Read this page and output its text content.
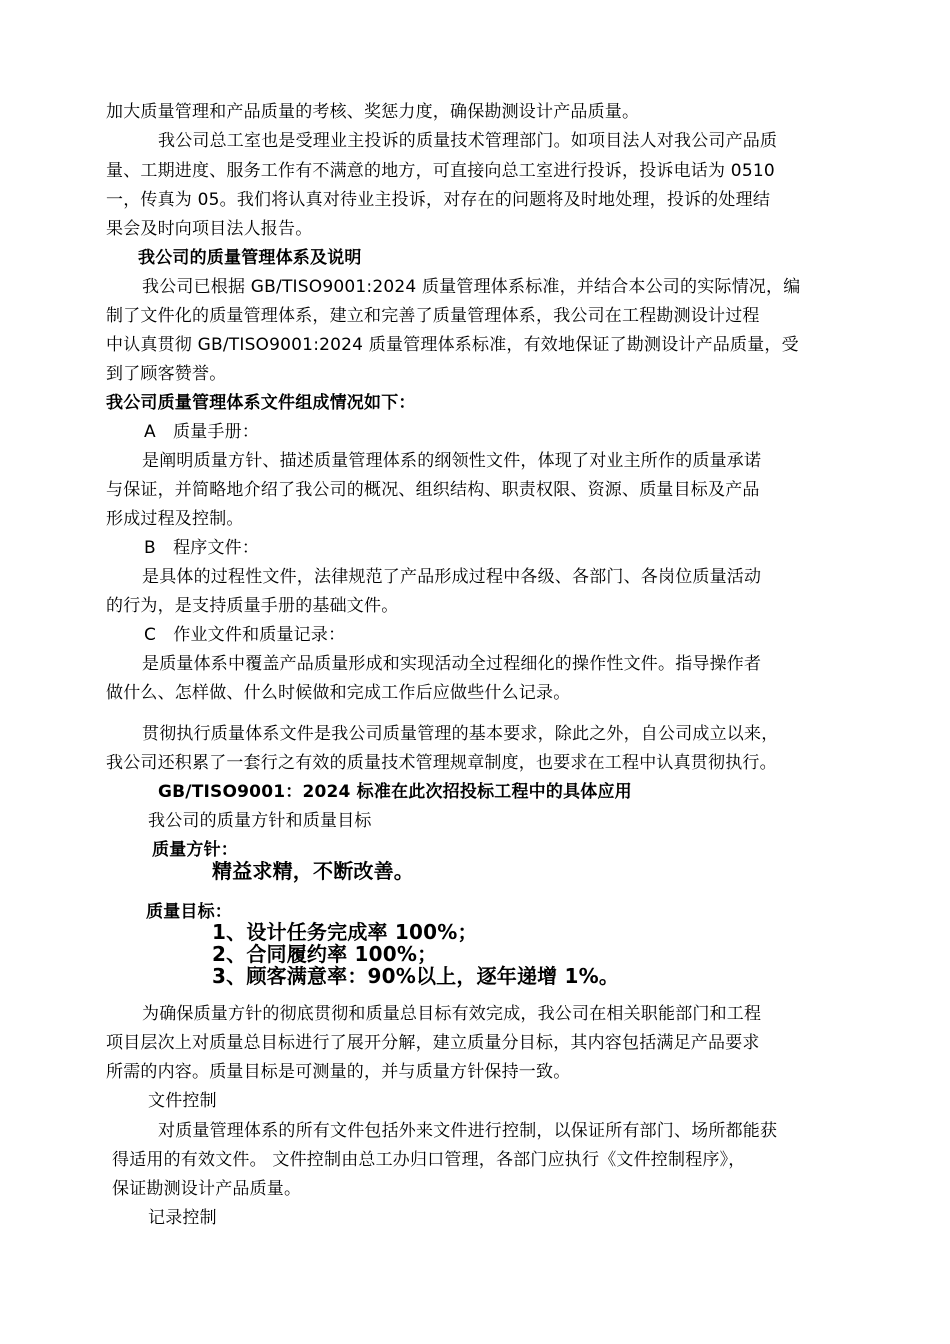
加大质量管理和产品质量的考核、奖惩力度，确保勘测设计产品质量。
我公司总工室也是受理业主投诉的质量技术管理部门。如项目法人对我公司产品质
量、工期进度、服务工作有不满意的地方，可直接向总工室进行投诉，投诉电话为 0510
一，传真为 05。我们将认真对待业主投诉，对存在的问题将及时地处理，投诉的处理结
果会及时向项目法人报告。
我公司的质量管理体系及说明
我公司已根据 GB/TISO9001:2024 质量管理体系标准，并结合本公司的实际情况，编
制了文件化的质量管理体系，建立和完善了质量管理体系，我公司在工程勘测设计过程
中认真贯彻 GB/TISO9001:2024 质量管理体系标准，有效地保证了勘测设计产品质量，受
到了顾客赞誉。
我公司质量管理体系文件组成情况如下：
A　质量手册：
是阐明质量方针、描述质量管理体系的纲领性文件，体现了对业主所作的质量承诺
与保证，并简略地介绍了我公司的概况、组织结构、职责权限、资源、质量目标及产品
形成过程及控制。
B　程序文件：
是具体的过程性文件，法律规范了产品形成过程中各级、各部门、各岗位质量活动
的行为，是支持质量手册的基础文件。
C　作业文件和质量记录：
是质量体系中覆盖产品质量形成和实现活动全过程细化的操作性文件。指导操作者
做什么、怎样做、什么时候做和完成工作后应做些什么记录。
贯彻执行质量体系文件是我公司质量管理的基本要求，除此之外，自公司成立以来，
我公司还积累了一套行之有效的质量技术管理规章制度，也要求在工程中认真贯彻执行。
GB/TISO9001：2024 标准在此次招投标工程中的具体应用
我公司的质量方针和质量目标
质量方针：
精益求精，不断改善。
质量目标：
1、设计任务完成率 100%；
2、合同履约率 100%；
3、顾客满意率：90%以上，逐年递增 1%。
为确保质量方针的彻底贯彻和质量总目标有效完成，我公司在相关职能部门和工程
项目层次上对质量总目标进行了展开分解，建立质量分目标，其内容包括满足产品要求
所需的内容。质量目标是可测量的，并与质量方针保持一致。
文件控制
对质量管理体系的所有文件包括外来文件进行控制，以保证所有部门、场所都能获
得适用的有效文件。 文件控制由总工办归口管理，各部门应执行《文件控制程序》，
保证勘测设计产品质量。
记录控制
